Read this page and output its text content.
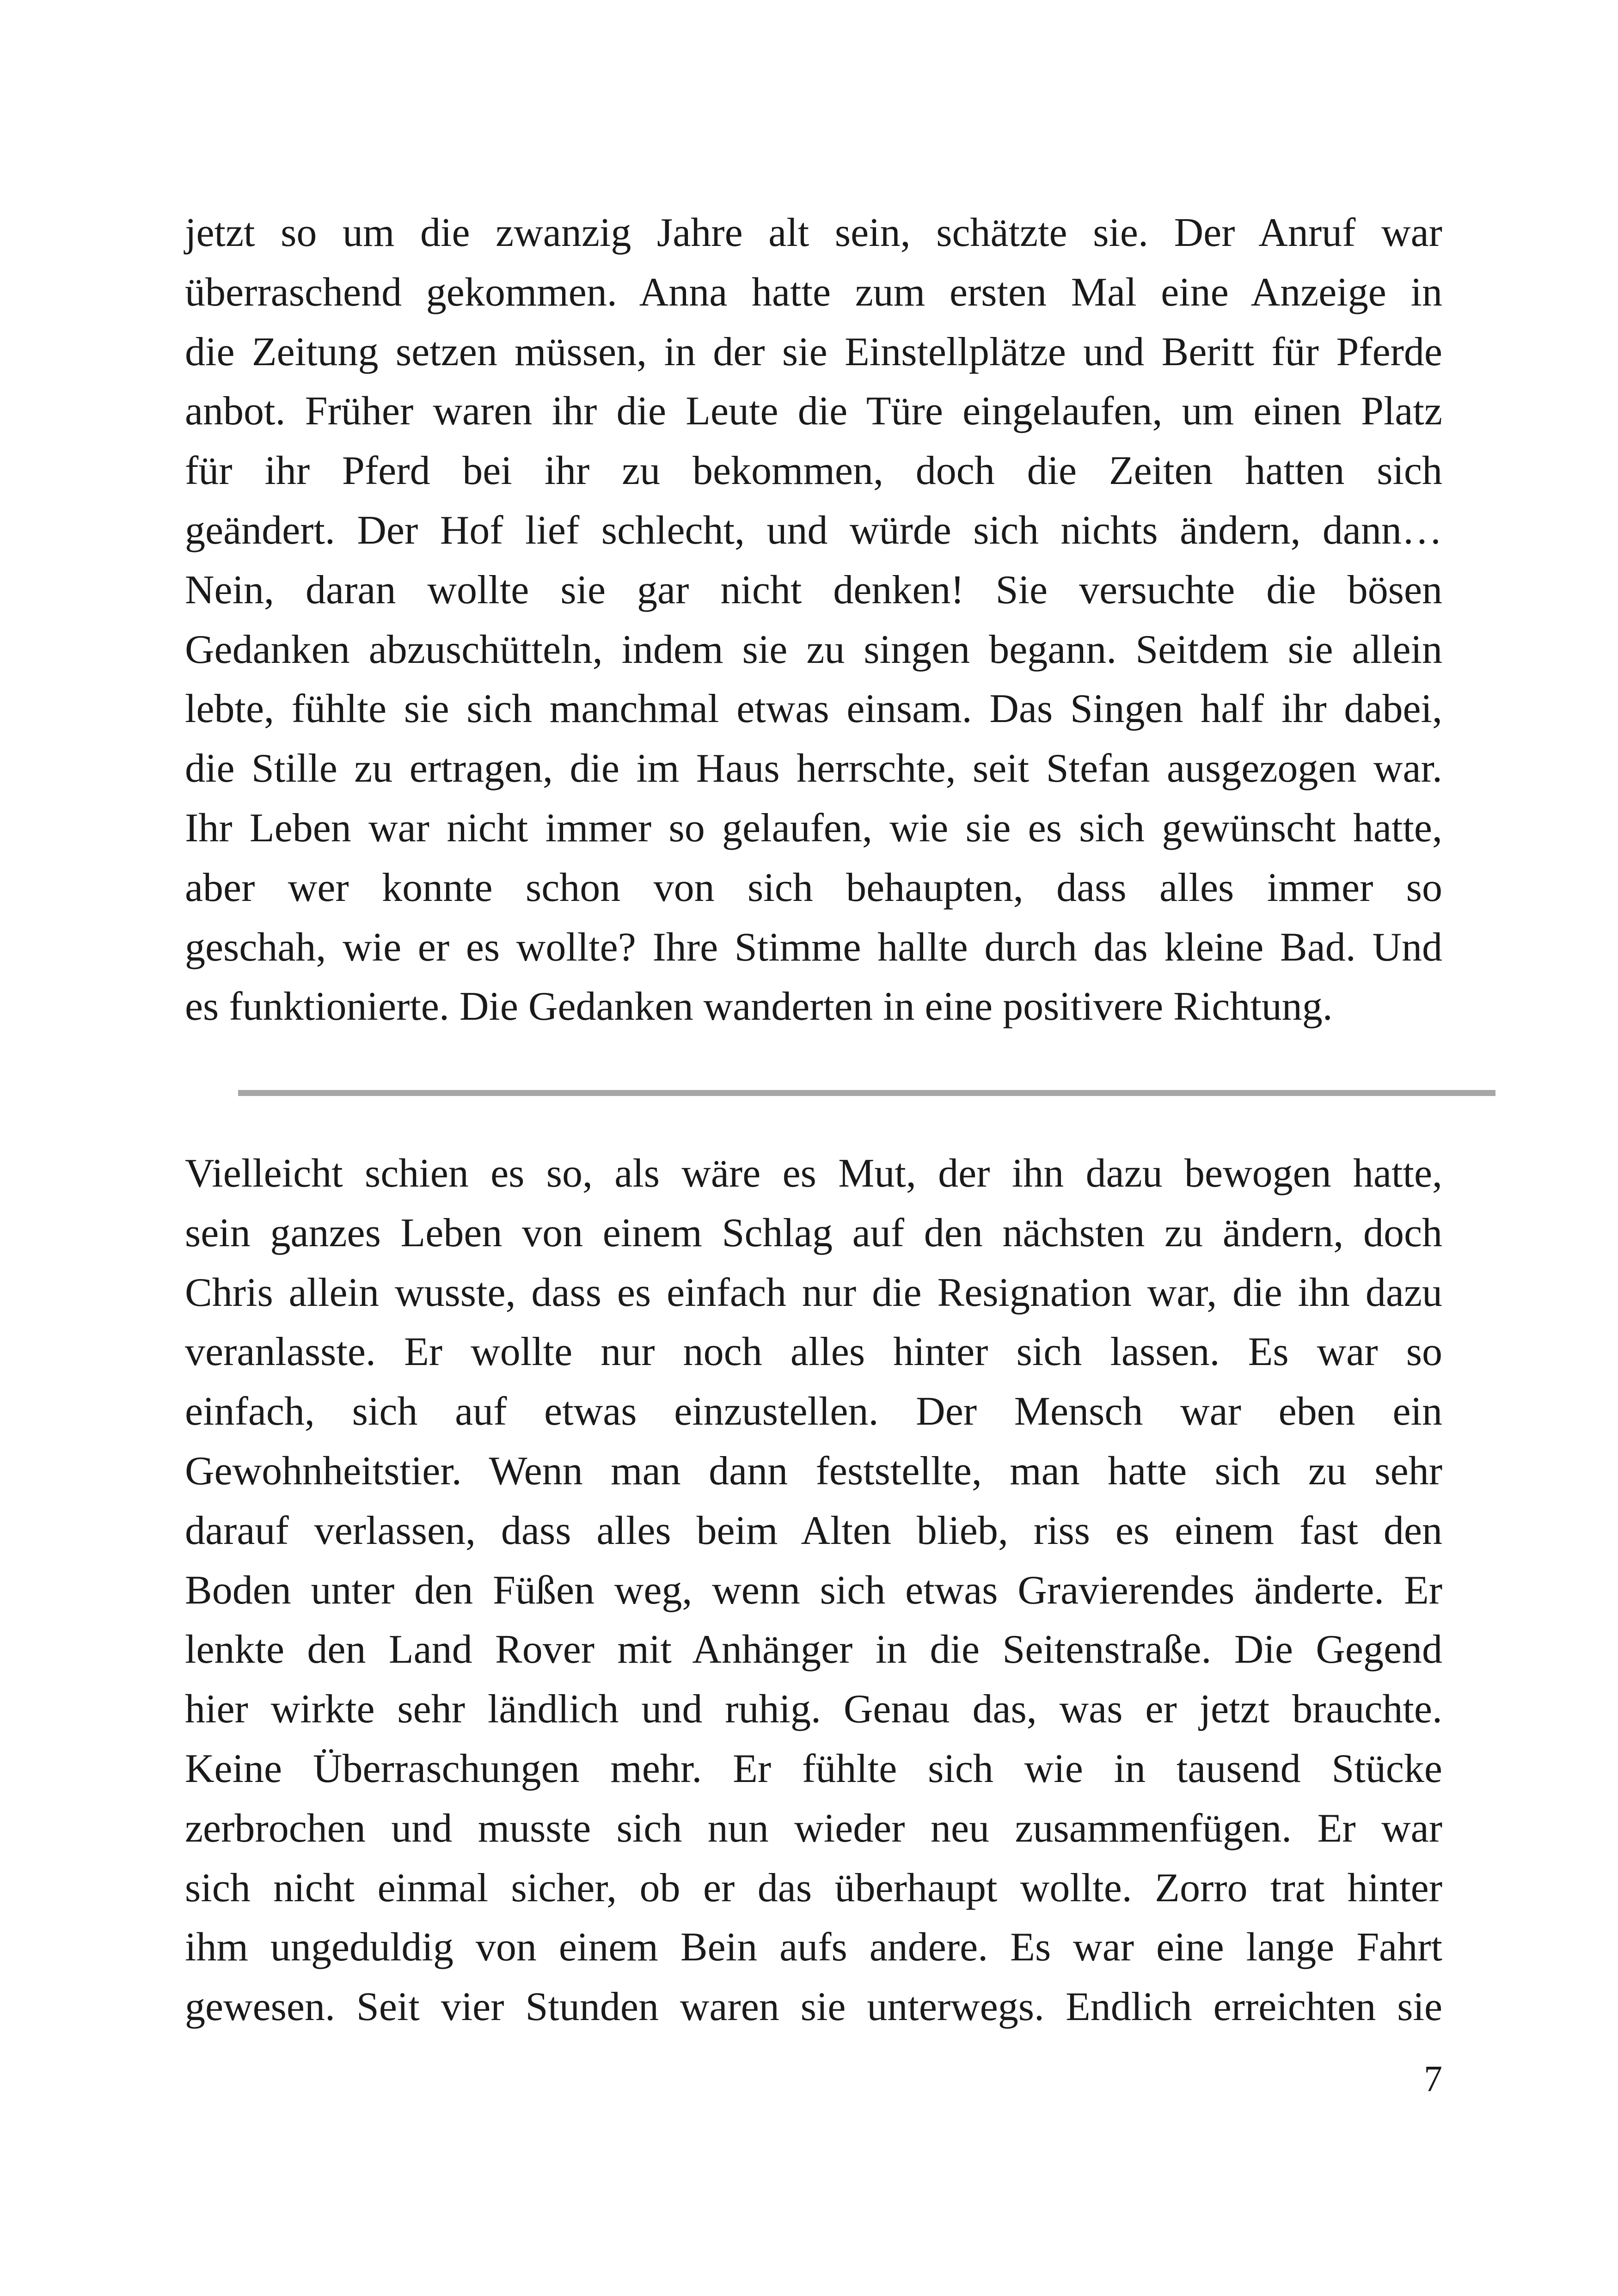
jetzt so um die zwanzig Jahre alt sein, schätzte sie. Der Anruf war
überraschend gekommen. Anna hatte zum ersten Mal eine Anzeige in
die Zeitung setzen müssen, in der sie Einstellplätze und Beritt für Pferde
anbot. Früher waren ihr die Leute die Türe eingelaufen, um einen Platz
für ihr Pferd bei ihr zu bekommen, doch die Zeiten hatten sich
geändert. Der Hof lief schlecht, und würde sich nichts ändern, dann…
Nein, daran wollte sie gar nicht denken! Sie versuchte die bösen
Gedanken abzuschütteln, indem sie zu singen begann. Seitdem sie allein
lebte, fühlte sie sich manchmal etwas einsam. Das Singen half ihr dabei,
die Stille zu ertragen, die im Haus herrschte, seit Stefan ausgezogen war.
Ihr Leben war nicht immer so gelaufen, wie sie es sich gewünscht hatte,
aber wer konnte schon von sich behaupten, dass alles immer so
geschah, wie er es wollte? Ihre Stimme hallte durch das kleine Bad. Und
es funktionierte. Die Gedanken wanderten in eine positivere Richtung.
Vielleicht schien es so, als wäre es Mut, der ihn dazu bewogen hatte,
sein ganzes Leben von einem Schlag auf den nächsten zu ändern, doch
Chris allein wusste, dass es einfach nur die Resignation war, die ihn dazu
veranlasste. Er wollte nur noch alles hinter sich lassen. Es war so
einfach, sich auf etwas einzustellen. Der Mensch war eben ein
Gewohnheitstier. Wenn man dann feststellte, man hatte sich zu sehr
darauf verlassen, dass alles beim Alten blieb, riss es einem fast den
Boden unter den Füßen weg, wenn sich etwas Gravierendes änderte. Er
lenkte den Land Rover mit Anhänger in die Seitenstraße. Die Gegend
hier wirkte sehr ländlich und ruhig. Genau das, was er jetzt brauchte.
Keine Überraschungen mehr. Er fühlte sich wie in tausend Stücke
zerbrochen und musste sich nun wieder neu zusammenfügen. Er war
sich nicht einmal sicher, ob er das überhaupt wollte. Zorro trat hinter
ihm ungeduldig von einem Bein aufs andere. Es war eine lange Fahrt
gewesen. Seit vier Stunden waren sie unterwegs. Endlich erreichten sie
7
